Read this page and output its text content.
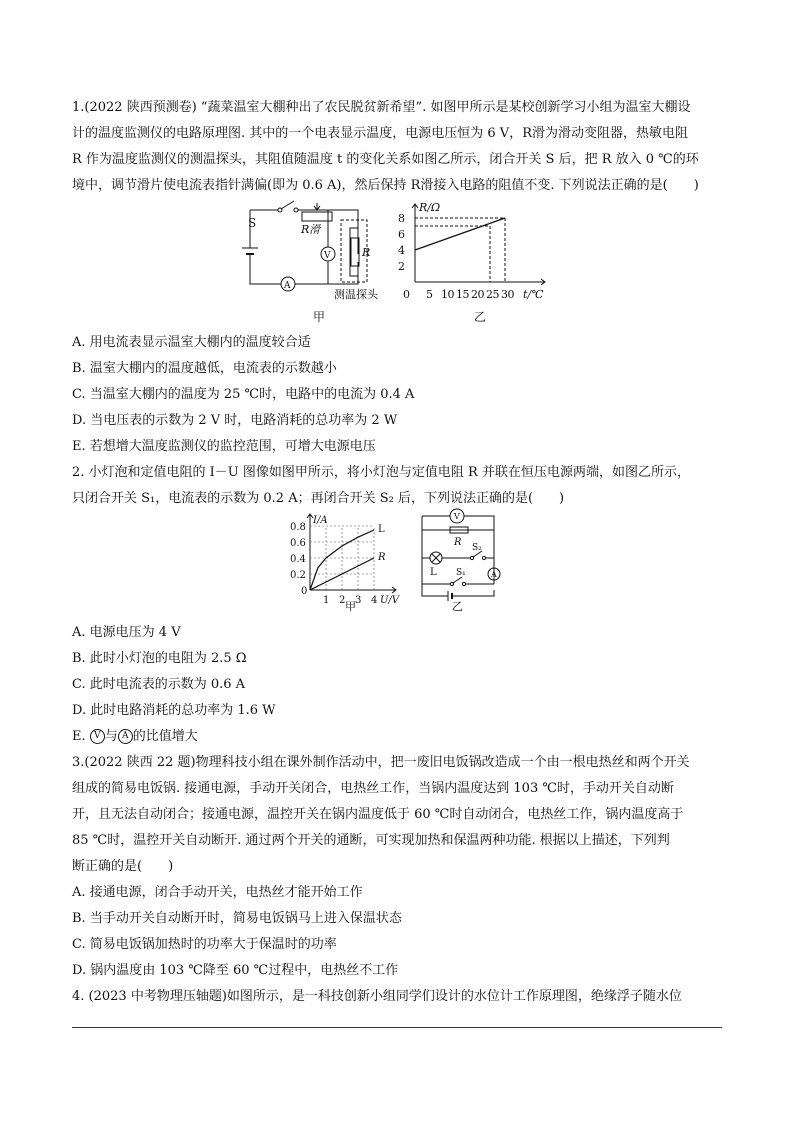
1.(2022 陕西预测卷) “蔬菜温室大棚种出了农民脱贫新希望”. 如图甲所示是某校创新学习小组为温室大棚设
计的温度监测仪的电路原理图. 其中的一个电表显示温度，电源电压恒为 6 V，R滑为滑动变阻器，热敏电阻
R 作为温度监测仪的测温探头，其阻值随温度 t 的变化关系如图乙所示，闭合开关 S 后，把 R 放入 0 ℃的环
境中，调节滑片使电流表指针满偏(即为 0.6 A)，然后保持 R滑接入电路的阻值不变. 下列说法正确的是(　　)
S	R滑
V
A
R
测温探头
甲
8
6
4
2
0 5 10 15 20 25 30
R/Ω
t/℃
乙
A. 用电流表显示温室大棚内的温度较合适
B. 温室大棚内的温度越低，电流表的示数越小
C. 当温室大棚内的温度为 25 ℃时，电路中的电流为 0.4 A
D. 当电压表的示数为 2 V 时，电路消耗的总功率为 2 W
E. 若想增大温度监测仪的监控范围，可增大电源电压
2. 小灯泡和定值电阻的 I－U 图像如图甲所示，将小灯泡与定值电阻 R 并联在恒压电源两端，如图乙所示，
只闭合开关 S₁，电流表的示数为 0.2 A；再闭合开关 S₂ 后，下列说法正确的是(　　)
0.8
0.6
0.4
0.2
0
1 2 3 4
L
R
I/A
U/V
甲
V
R S₂
L S₁	A
乙
A. 电源电压为 4 V
B. 此时小灯泡的电阻为 2.5 Ω
C. 此时电流表的示数为 0.6 A
D. 此时电路消耗的总功率为 1.6 W
E. V 与 A 的比值增大
3.(2022 陕西 22 题)物理科技小组在课外制作活动中，把一废旧电饭锅改造成一个由一根电热丝和两个开关
组成的简易电饭锅. 接通电源，手动开关闭合，电热丝工作，当锅内温度达到 103 ℃时，手动开关自动断
开，且无法自动闭合；接通电源，温控开关在锅内温度低于 60 ℃时自动闭合，电热丝工作，锅内温度高于
85 ℃时，温控开关自动断开. 通过两个开关的通断，可实现加热和保温两种功能. 根据以上描述，下列判
断正确的是(　　)
A. 接通电源，闭合手动开关，电热丝才能开始工作
B. 当手动开关自动断开时，简易电饭锅马上进入保温状态
C. 简易电饭锅加热时的功率大于保温时的功率
D. 锅内温度由 103 ℃降至 60 ℃过程中，电热丝不工作
4. (2023 中考物理压轴题)如图所示，是一科技创新小组同学们设计的水位计工作原理图，绝缘浮子随水位
